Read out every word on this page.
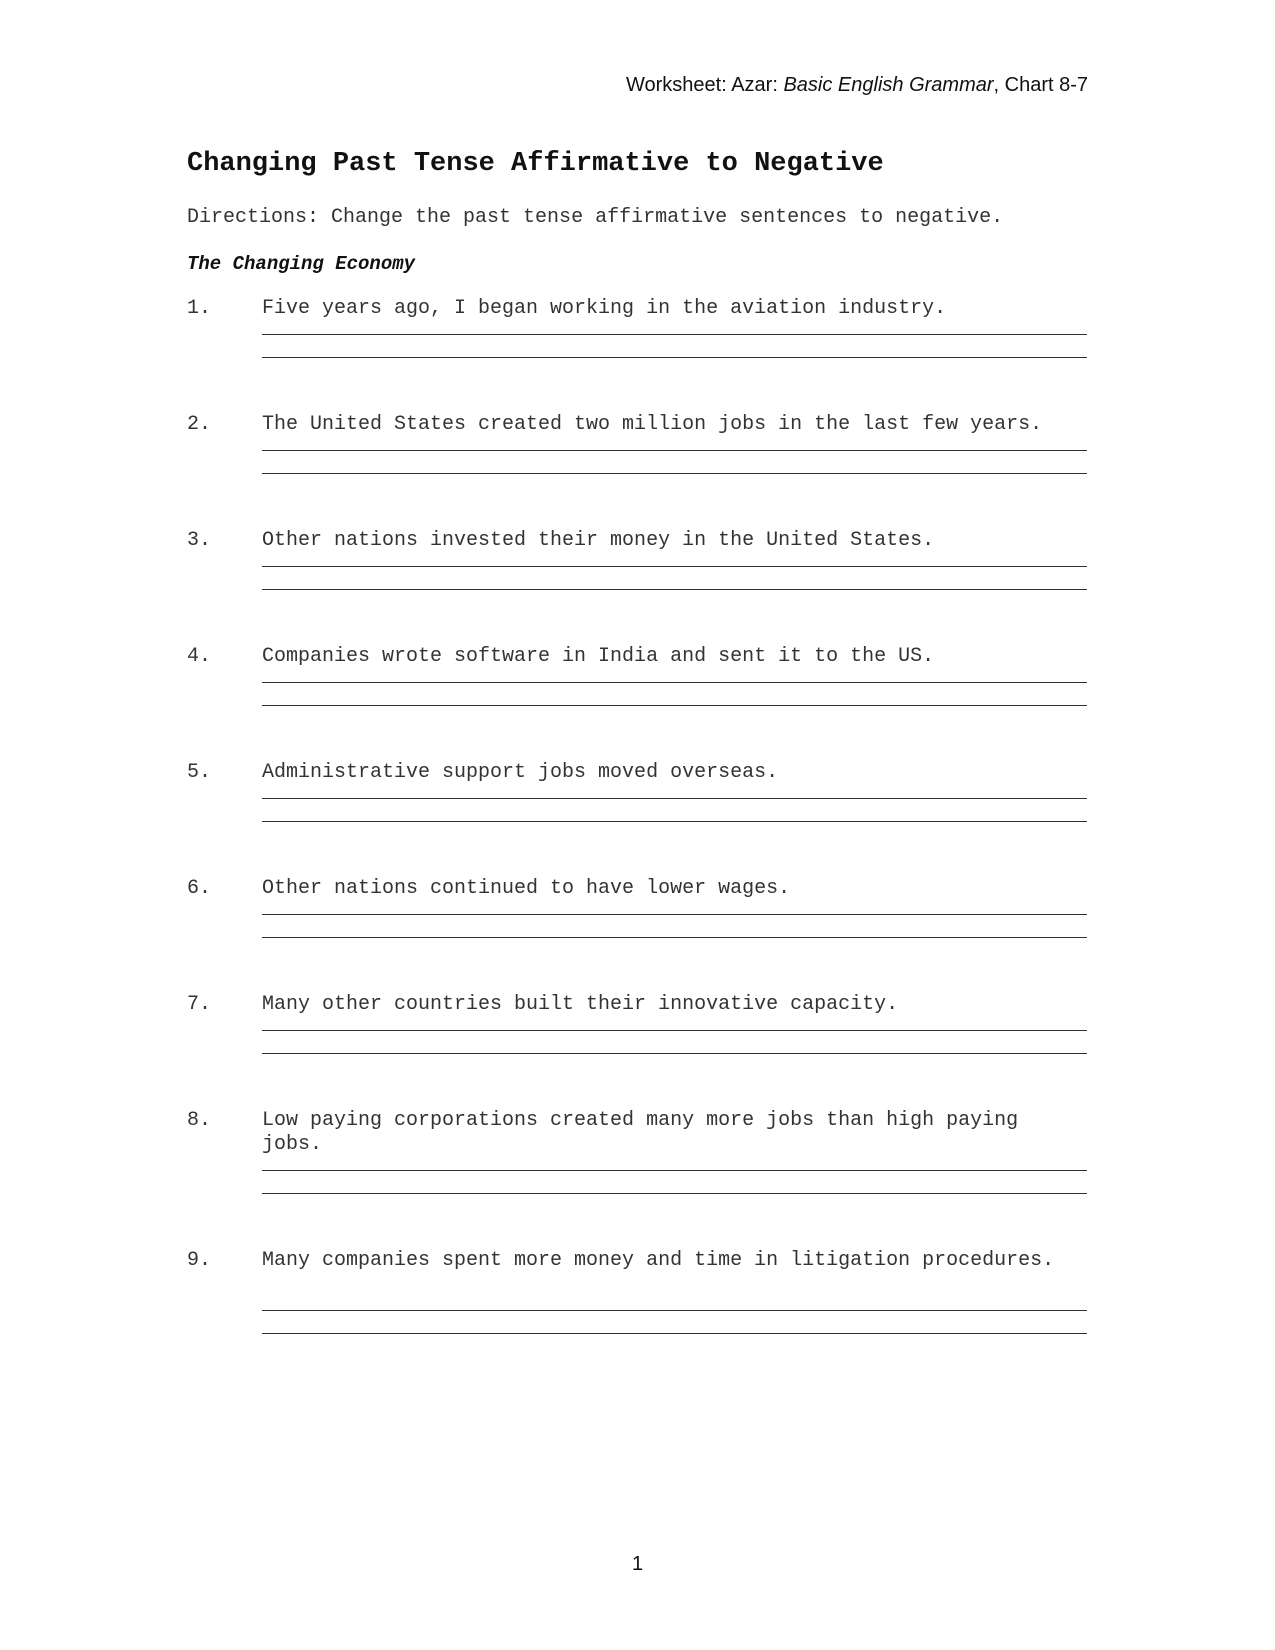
Worksheet: Azar: Basic English Grammar, Chart 8-7
Changing Past Tense Affirmative to Negative
Directions: Change the past tense affirmative sentences to negative.
The Changing Economy
1.	Five years ago, I began working in the aviation industry.
2.	The United States created two million jobs in the last few years.
3.	Other nations invested their money in the United States.
4.	Companies wrote software in India and sent it to the US.
5.	Administrative support jobs moved overseas.
6.	Other nations continued to have lower wages.
7.	Many other countries built their innovative capacity.
8.	Low paying corporations created many more jobs than high paying jobs.
9.	Many companies spent more money and time in litigation procedures.
1
